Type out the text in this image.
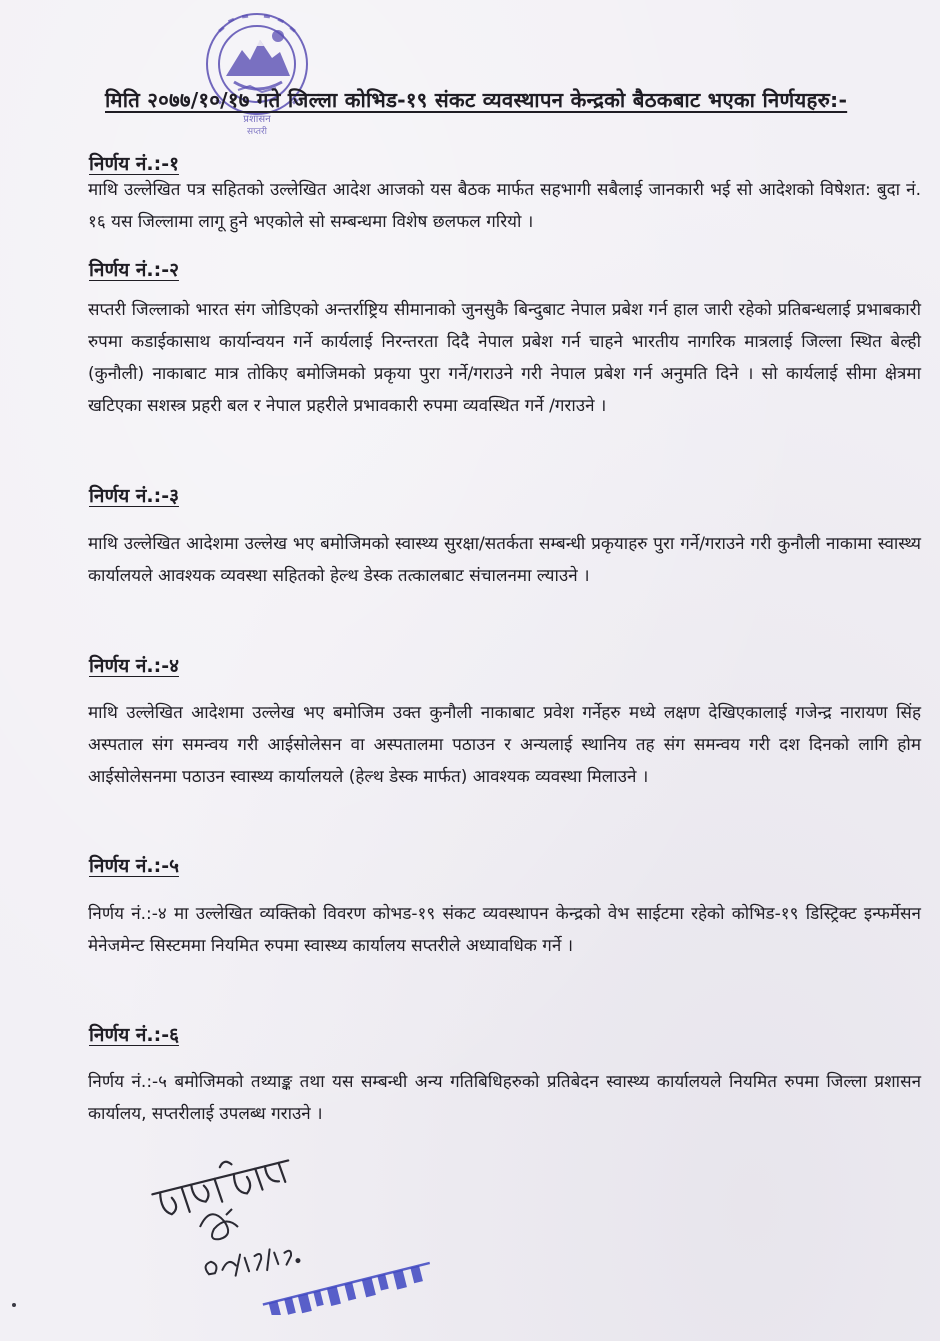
प्रशासन
सप्तरी
मिति २०७७/१०/१७ गते जिल्ला कोभिड-१९ संकट व्यवस्थापन केन्द्रको बैठकबाट भएका निर्णयहरु:-
निर्णय नं.:-१
माथि उल्लेखित पत्र सहितको उल्लेखित आदेश आजको यस बैठक मार्फत सहभागी सबैलाई जानकारी भई सो आदेशको विषेशत: बुदा नं. १६ यस जिल्लामा लागू हुने भएकोले सो सम्बन्धमा विशेष छलफल गरियो ।
निर्णय नं.:-२
सप्तरी जिल्लाको भारत संग जोडिएको अन्तर्राष्ट्रिय सीमानाको जुनसुकै बिन्दुबाट नेपाल प्रबेश गर्न हाल जारी रहेको प्रतिबन्धलाई प्रभाबकारी रुपमा कडाईकासाथ कार्यान्वयन गर्ने कार्यलाई निरन्तरता दिदै नेपाल प्रबेश गर्न चाहने भारतीय नागरिक मात्रलाई जिल्ला स्थित बेल्ही (कुनौली) नाकाबाट मात्र तोकिए बमोजिमको प्रकृया पुरा गर्ने/गराउने गरी नेपाल प्रबेश गर्न अनुमति दिने । सो कार्यलाई सीमा क्षेत्रमा खटिएका सशस्त्र प्रहरी बल र नेपाल प्रहरीले प्रभावकारी रुपमा व्यवस्थित गर्ने /गराउने ।
निर्णय नं.:-३
माथि उल्लेखित आदेशमा उल्लेख भए बमोजिमको स्वास्थ्य सुरक्षा/सतर्कता सम्बन्धी प्रकृयाहरु पुरा गर्ने/गराउने गरी कुनौली नाकामा स्वास्थ्य कार्यालयले आवश्यक व्यवस्था सहितको हेल्थ डेस्क तत्कालबाट संचालनमा ल्याउने ।
निर्णय नं.:-४
माथि उल्लेखित आदेशमा उल्लेख भए बमोजिम उक्त कुनौली नाकाबाट प्रवेश गर्नेहरु मध्ये लक्षण देखिएकालाई गजेन्द्र नारायण सिंह अस्पताल संग समन्वय गरी आईसोलेसन वा अस्पतालमा पठाउन र अन्यलाई स्थानिय तह संग समन्वय गरी दश दिनको लागि होम आईसोलेसनमा पठाउन स्वास्थ्य कार्यालयले (हेल्थ डेस्क मार्फत) आवश्यक व्यवस्था मिलाउने ।
निर्णय नं.:-५
निर्णय नं.:-४ मा उल्लेखित व्यक्तिको विवरण कोभड-१९ संकट व्यवस्थापन केन्द्रको वेभ साईटमा रहेको कोभिड-१९ डिस्ट्रिक्ट इन्फर्मेसन मेनेजमेन्ट सिस्टममा नियमित रुपमा स्वास्थ्य कार्यालय सप्तरीले अध्यावधिक गर्ने ।
निर्णय नं.:-६
निर्णय नं.:-५ बमोजिमको तथ्याङ्क तथा यस सम्बन्धी अन्य गतिबिधिहरुको प्रतिबेदन स्वास्थ्य कार्यालयले नियमित रुपमा जिल्ला प्रशासन कार्यालय, सप्तरीलाई उपलब्ध गराउने ।
